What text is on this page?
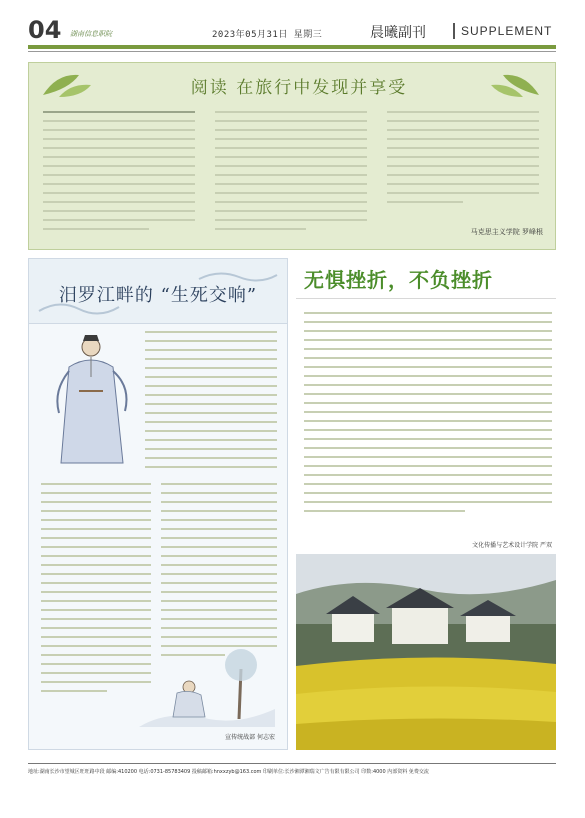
04 湖南信息职院	2023年05月31日 星期三	晨曦副刊	SUPPLEMENT
阅读 在旅行中发现并享受
马克思主义学院 罗峰根
汨罗江畔的 “生死交响”
宣传统战部 何志宏
无惧挫折，不负挫折
文化传播与艺术设计学院 严双
地址:湖南长沙市望城区旺旺路中段 邮编:410200 电话:0731-85783409 投稿邮箱:hnxxzyb@163.com 印刷单位:长沙湘潭湘瑞文广告有限有限公司 印数:4000 内部资料 免费交流
